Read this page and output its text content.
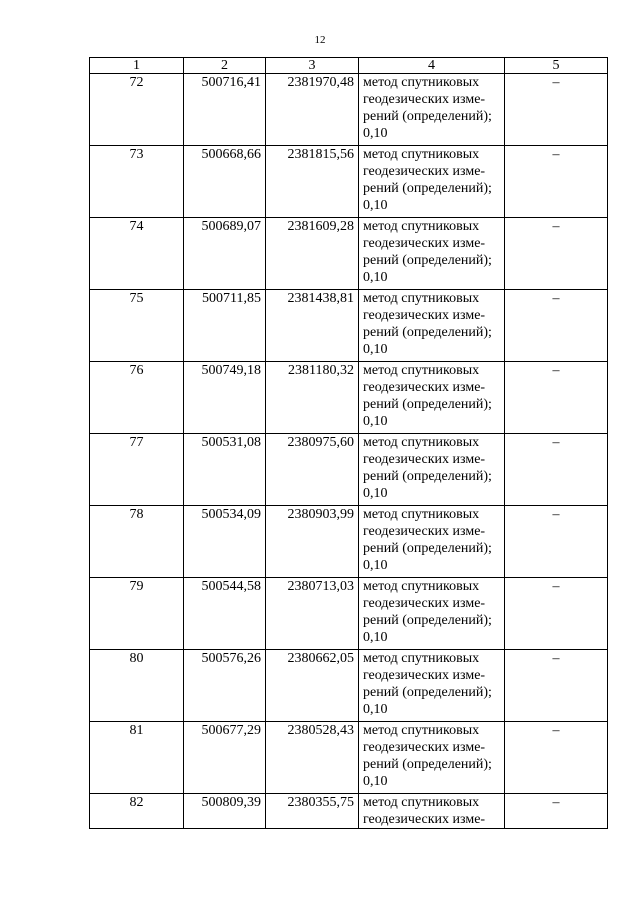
12
1	2	3	4	5
72	500716,41	2381970,48	метод спутниковых
геодезических изме-
рений (определений);
0,10	–
73	500668,66	2381815,56	метод спутниковых
геодезических изме-
рений (определений);
0,10	–
74	500689,07	2381609,28	метод спутниковых
геодезических изме-
рений (определений);
0,10	–
75	500711,85	2381438,81	метод спутниковых
геодезических изме-
рений (определений);
0,10	–
76	500749,18	2381180,32	метод спутниковых
геодезических изме-
рений (определений);
0,10	–
77	500531,08	2380975,60	метод спутниковых
геодезических изме-
рений (определений);
0,10	–
78	500534,09	2380903,99	метод спутниковых
геодезических изме-
рений (определений);
0,10	–
79	500544,58	2380713,03	метод спутниковых
геодезических изме-
рений (определений);
0,10	–
80	500576,26	2380662,05	метод спутниковых
геодезических изме-
рений (определений);
0,10	–
81	500677,29	2380528,43	метод спутниковых
геодезических изме-
рений (определений);
0,10	–
82	500809,39	2380355,75	метод спутниковых
геодезических изме-	–
